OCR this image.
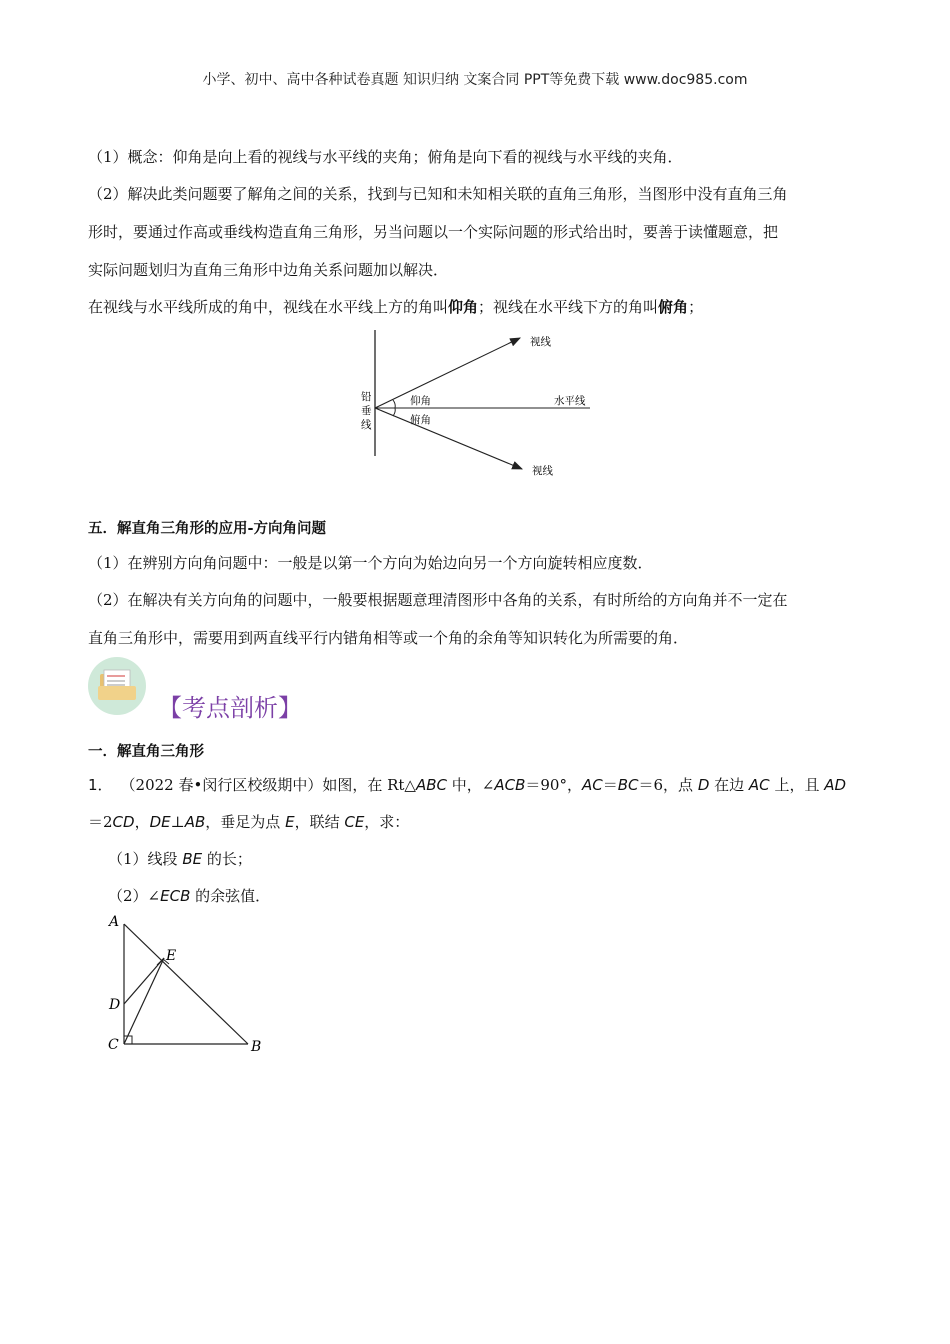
小学、初中、高中各种试卷真题 知识归纳 文案合同 PPT等免费下载 www.doc985.com
（1）概念：仰角是向上看的视线与水平线的夹角；俯角是向下看的视线与水平线的夹角．
（2）解决此类问题要了解角之间的关系，找到与已知和未知相关联的直角三角形，当图形中没有直角三角
形时，要通过作高或垂线构造直角三角形，另当问题以一个实际问题的形式给出时，要善于读懂题意，把
实际问题划归为直角三角形中边角关系问题加以解决．
在视线与水平线所成的角中，视线在水平线上方的角叫仰角；视线在水平线下方的角叫俯角；
视线
水平线
仰角
俯角
铅
垂
线
视线
五．解直角三角形的应用-方向角问题
（1）在辨别方向角问题中：一般是以第一个方向为始边向另一个方向旋转相应度数．
（2）在解决有关方向角的问题中，一般要根据题意理清图形中各角的关系，有时所给的方向角并不一定在
直角三角形中，需要用到两直线平行内错角相等或一个角的余角等知识转化为所需要的角．
【考点剖析】
一．解直角三角形
1． （2022 春•闵行区校级期中）如图，在 Rt△ABC 中，∠ACB＝90°，AC＝BC＝6，点 D 在边 AC 上，且 AD
＝2CD，DE⊥AB，垂足为点 E，联结 CE，求：
（1）线段 BE 的长；
（2）∠ECB 的余弦值．
A
E
D
C	B
